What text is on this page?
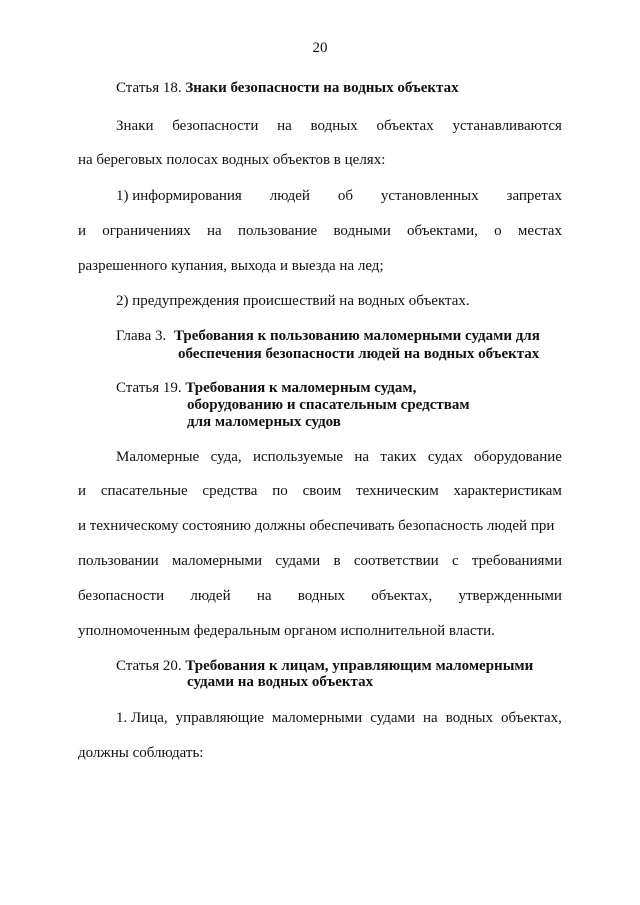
20
Статья 18. Знаки безопасности на водных объектах
Знаки безопасности на водных объектах устанавливаются
на береговых полосах водных объектов в целях:
1) информирования людей об установленных запретах
и ограничениях на пользование водными объектами, о местах
разрешенного купания, выхода и выезда на лед;
2) предупреждения происшествий на водных объектах.
Глава 3. Требования к пользованию маломерными судами для
обеспечения безопасности людей на водных объектах
Статья 19. Требования к маломерным судам,
оборудованию и спасательным средствам
для маломерных судов
Маломерные суда, используемые на таких судах оборудование
и спасательные средства по своим техническим характеристикам
и техническому состоянию должны обеспечивать безопасность людей при
пользовании маломерными судами в соответствии с требованиями
безопасности людей на водных объектах, утвержденными
уполномоченным федеральным органом исполнительной власти.
Статья 20. Требования к лицам, управляющим маломерными
судами на водных объектах
1. Лица, управляющие маломерными судами на водных объектах,
должны соблюдать:
